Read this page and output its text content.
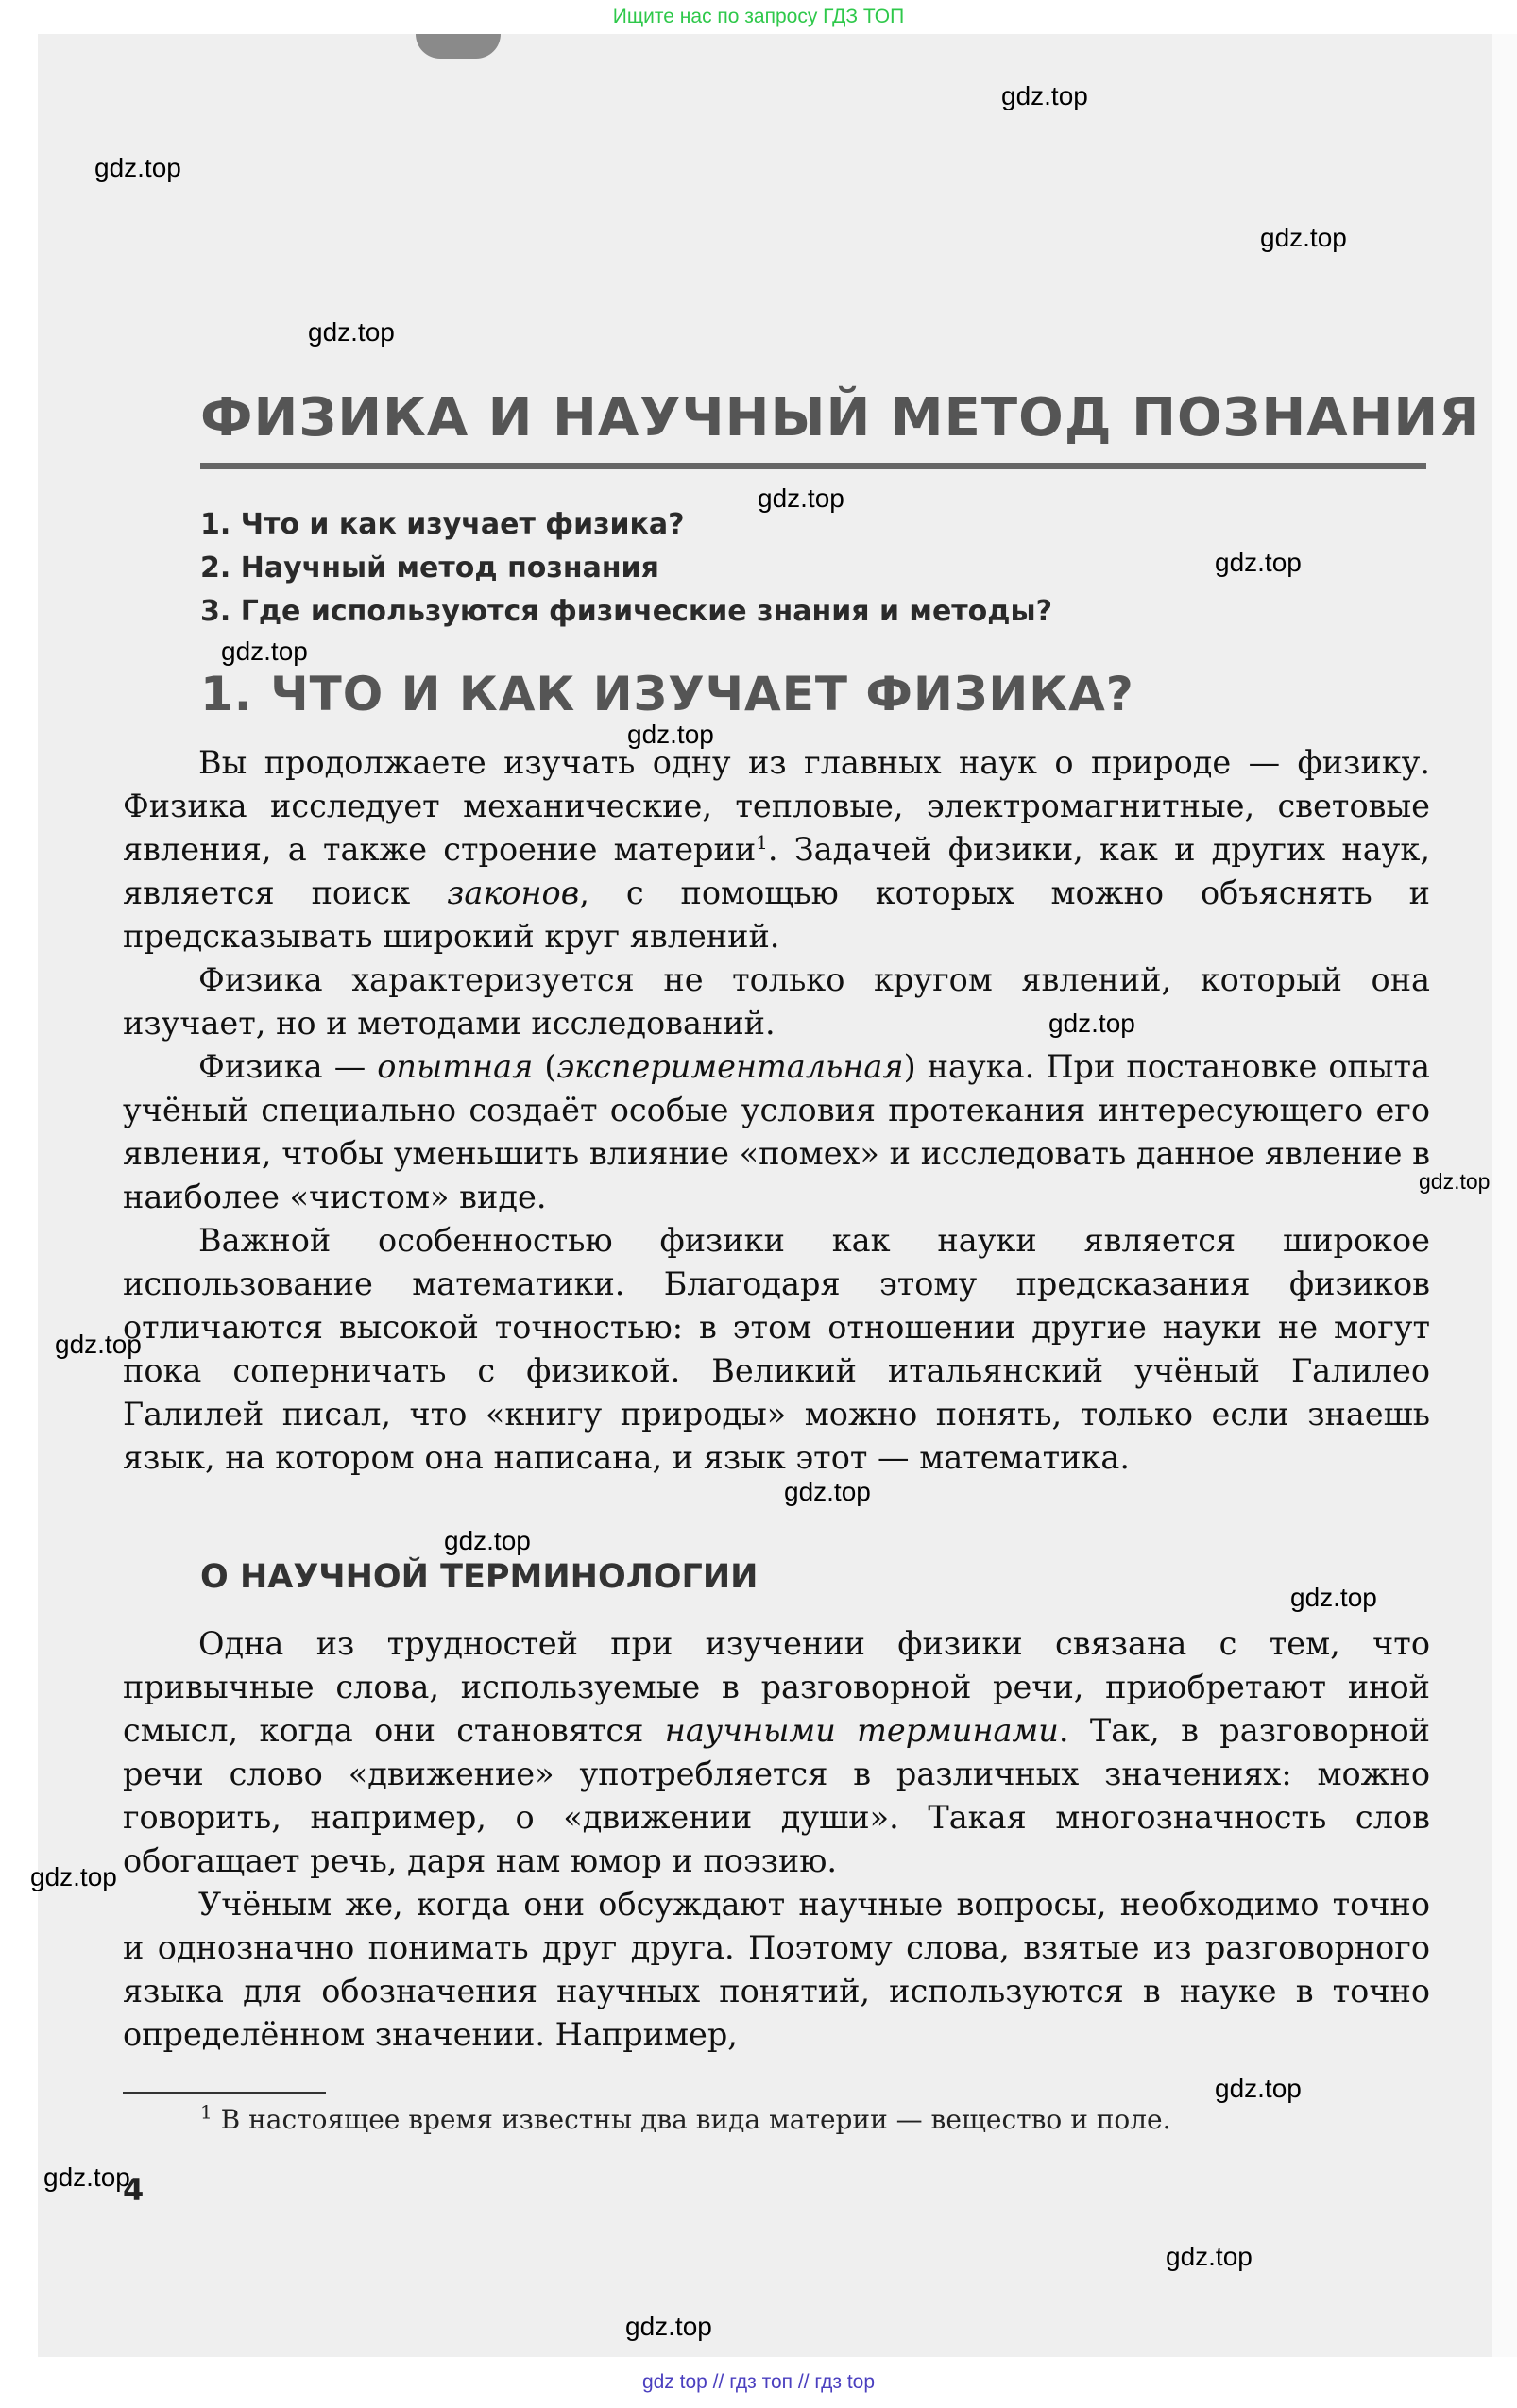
Ищите нас по запросу ГДЗ ТОП
ФИЗИКА И НАУЧНЫЙ МЕТОД ПОЗНАНИЯ
1. Что и как изучает физика?
2. Научный метод познания
3. Где используются физические знания и методы?
1. ЧТО И КАК ИЗУЧАЕТ ФИЗИКА?

Вы продолжаете изучать одну из главных наук о природе — физику. Физика исследует механические, тепловые, электромагнитные, световые явления, а также строение материи$^1$. Задачей физики, как и других наук, является поиск законов, с помощью которых можно объяснять и предсказывать широкий круг явлений.

Физика характеризуется не только кругом явлений, который она изучает, но и методами исследований.

Физика — опытная (экспериментальная) наука. При постановке опыта учёный специально создаёт особые условия протекания интересующего его явления, чтобы уменьшить влияние «помех» и исследовать данное явление в наиболее «чистом» виде.

Важной особенностью физики как науки является широкое использование математики. Благодаря этому предсказания физиков отличаются высокой точностью: в этом отношении другие науки не могут пока соперничать с физикой. Великий итальянский учёный Галилео Галилей писал, что «книгу природы» можно понять, только если знаешь язык, на котором она написана, и язык этот — математика.

О НАУЧНОЙ ТЕРМИНОЛОГИИ

Одна из трудностей при изучении физики связана с тем, что привычные слова, используемые в разговорной речи, приобретают иной смысл, когда они становятся научными терминами. Так, в разговорной речи слово «движение» употребляется в различных значениях: можно говорить, например, о «движении души». Такая многозначность слов обогащает речь, даря нам юмор и поэзию.

Учёным же, когда они обсуждают научные вопросы, необходимо точно и однозначно понимать друг друга. Поэтому слова, взятые из разговорного языка для обозначения научных понятий, используются в науке в точно определённом значении. Например,

$^1$ В настоящее время известны два вида материи — вещество и поле.

4

gdz.top
gdz.top
gdz.top
gdz.top
gdz.top
gdz.top
gdz.top
gdz.top
gdz.top
gdz.top
gdz.top
gdz.top
gdz.top
gdz.top
gdz.top
gdz.top
gdz.top
gdz.top
gdz.top
gdz top // гдз топ // гдз top
